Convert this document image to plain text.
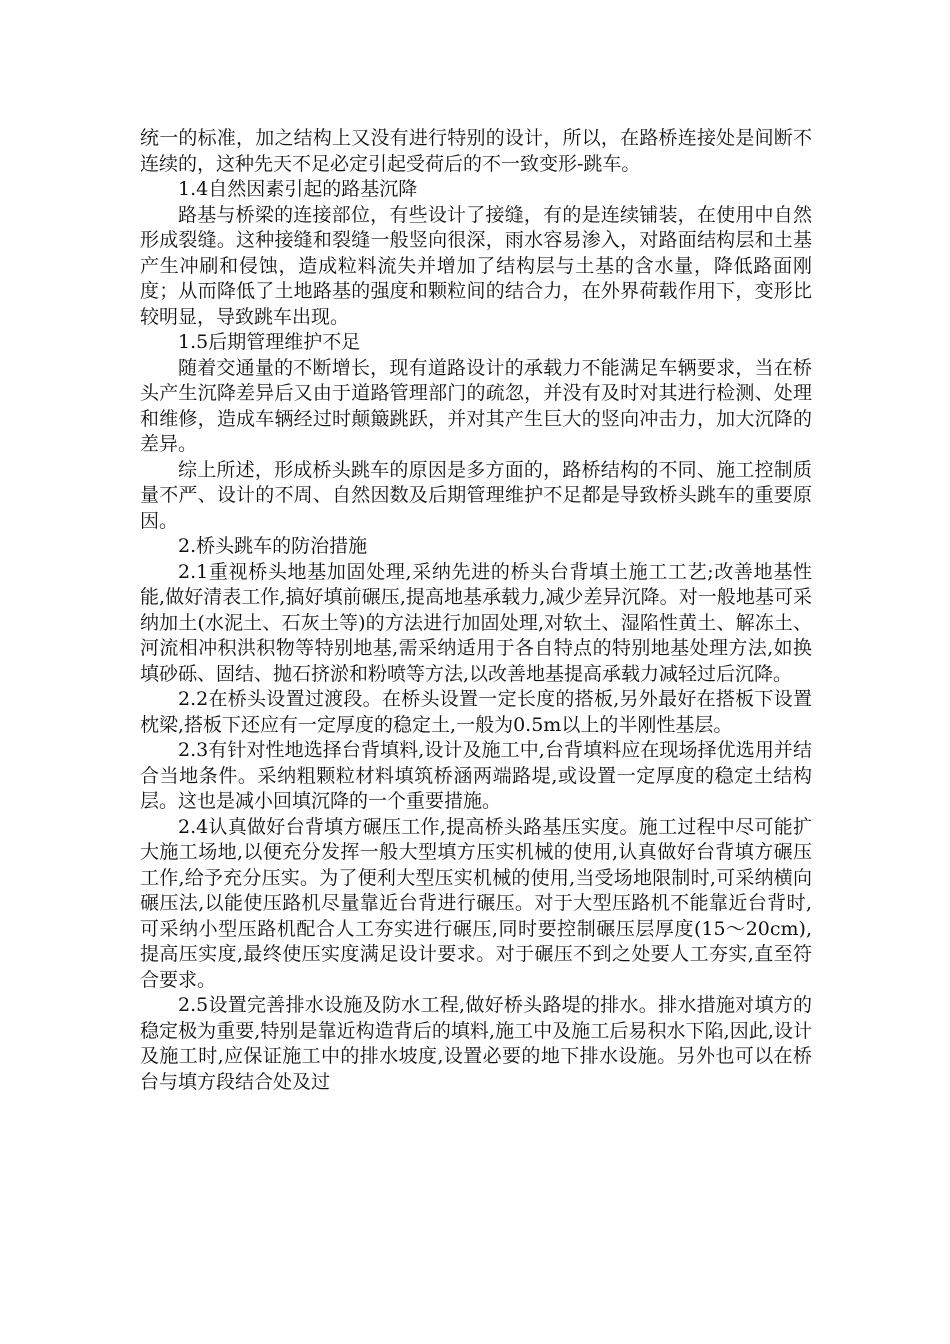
统一的标准，加之结构上又没有进行特别的设计，所以，在路桥连接处是间断不连续的，这种先天不足必定引起受荷后的不一致变形-跳车。

1.4自然因素引起的路基沉降

路基与桥梁的连接部位，有些设计了接缝，有的是连续铺装，在使用中自然形成裂缝。这种接缝和裂缝一般竖向很深，雨水容易渗入，对路面结构层和土基产生冲刷和侵蚀，造成粒料流失并增加了结构层与土基的含水量，降低路面刚度；从而降低了土地路基的强度和颗粒间的结合力，在外界荷载作用下，变形比较明显，导致跳车出现。

1.5后期管理维护不足

随着交通量的不断增长，现有道路设计的承载力不能满足车辆要求，当在桥头产生沉降差异后又由于道路管理部门的疏忽，并没有及时对其进行检测、处理和维修，造成车辆经过时颠簸跳跃，并对其产生巨大的竖向冲击力，加大沉降的差异。

综上所述，形成桥头跳车的原因是多方面的，路桥结构的不同、施工控制质量不严、设计的不周、自然因数及后期管理维护不足都是导致桥头跳车的重要原因。

2.桥头跳车的防治措施

2.1重视桥头地基加固处理,采纳先进的桥头台背填土施工工艺;改善地基性能,做好清表工作,搞好填前碾压,提高地基承载力,减少差异沉降。对一般地基可采纳加土(水泥土、石灰土等)的方法进行加固处理,对软土、湿陷性黄土、解冻土、河流相冲积洪积物等特别地基,需采纳适用于各自特点的特别地基处理方法,如换填砂砾、固结、抛石挤淤和粉喷等方法,以改善地基提高承载力减轻过后沉降。

2.2在桥头设置过渡段。在桥头设置一定长度的搭板,另外最好在搭板下设置枕梁,搭板下还应有一定厚度的稳定土,一般为0.5m以上的半刚性基层。

2.3有针对性地选择台背填料,设计及施工中,台背填料应在现场择优选用并结合当地条件。采纳粗颗粒材料填筑桥涵两端路堤,或设置一定厚度的稳定土结构层。这也是减小回填沉降的一个重要措施。

2.4认真做好台背填方碾压工作,提高桥头路基压实度。施工过程中尽可能扩大施工场地,以便充分发挥一般大型填方压实机械的使用,认真做好台背填方碾压工作,给予充分压实。为了便利大型压实机械的使用,当受场地限制时,可采纳横向碾压法,以能使压路机尽量靠近台背进行碾压。对于大型压路机不能靠近台背时,可采纳小型压路机配合人工夯实进行碾压,同时要控制碾压层厚度(15～20cm),提高压实度,最终使压实度满足设计要求。对于碾压不到之处要人工夯实,直至符合要求。

2.5设置完善排水设施及防水工程,做好桥头路堤的排水。排水措施对填方的稳定极为重要,特别是靠近构造背后的填料,施工中及施工后易积水下陷,因此,设计及施工时,应保证施工中的排水坡度,设置必要的地下排水设施。另外也可以在桥台与填方段结合处及过
